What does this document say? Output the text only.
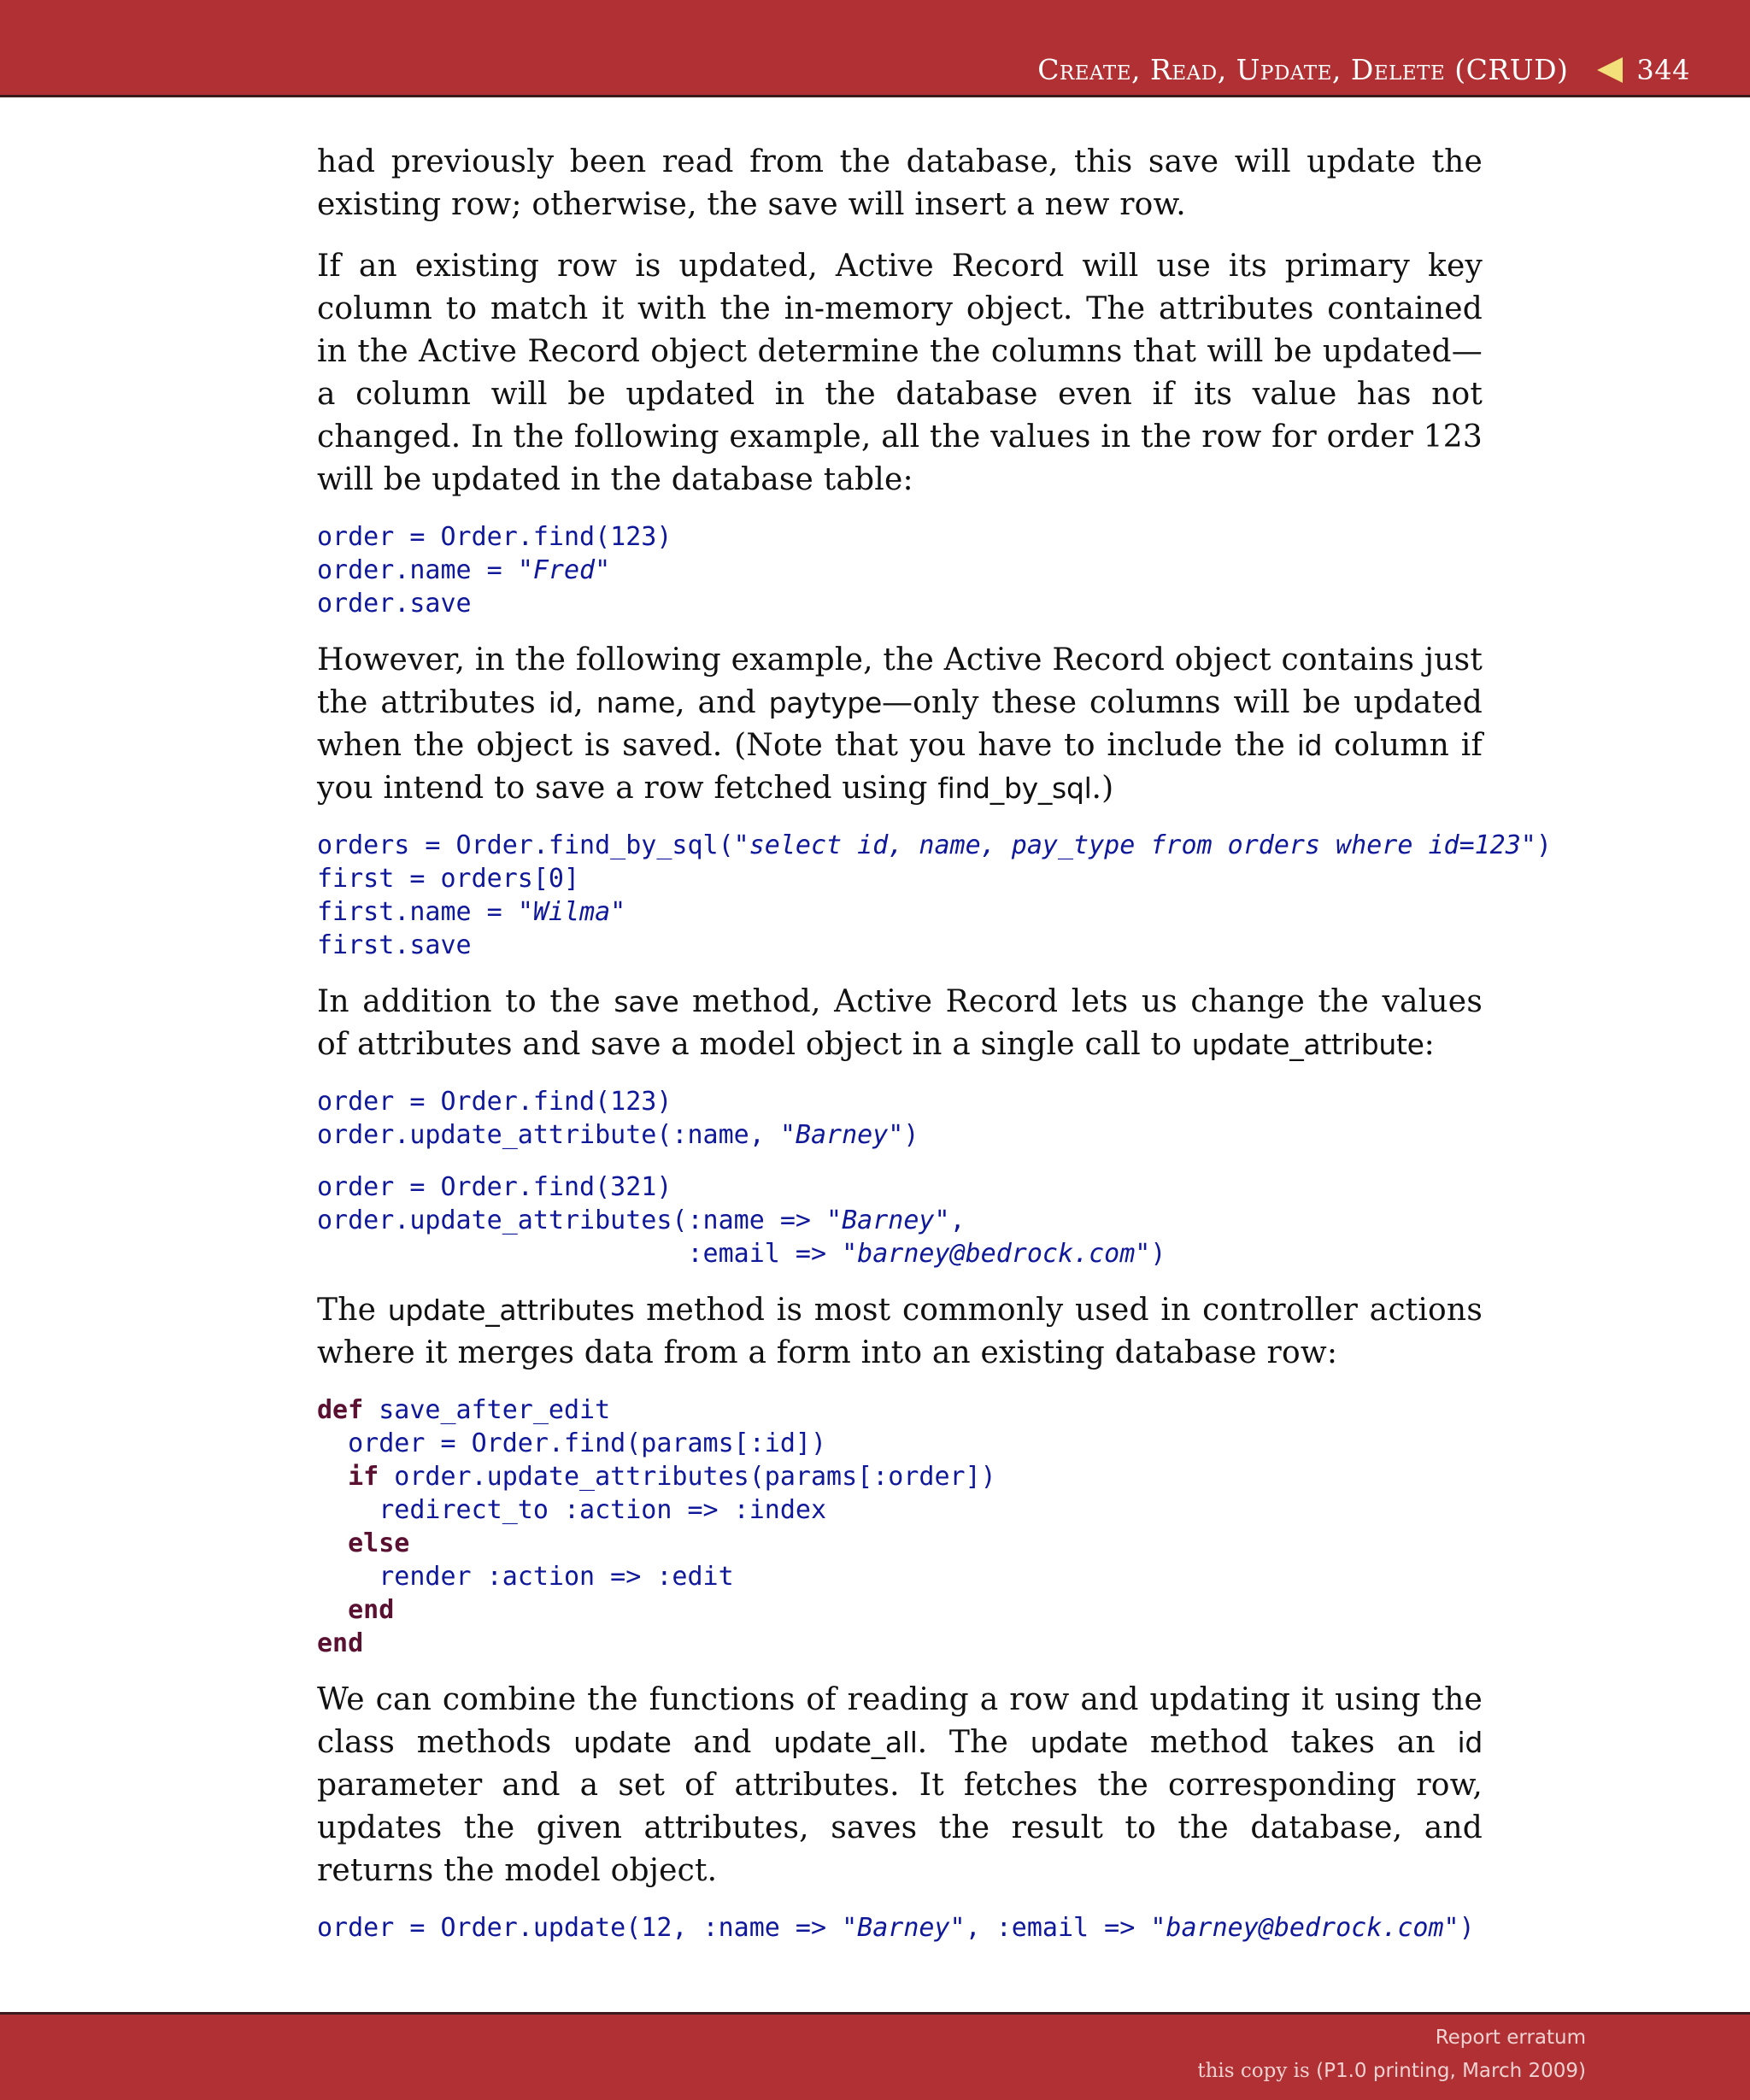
Create, Read, Update, Delete (CRUD)	344

had previously been read from the database, this save will update the existing row; otherwise, the save will insert a new row.

If an existing row is updated, Active Record will use its primary key column to match it with the in-memory object. The attributes contained in the Active Record object determine the columns that will be updated—a column will be updated in the database even if its value has not changed. In the following example, all the values in the row for order 123 will be updated in the database table:

order = Order.find(123)
order.name = "Fred"
order.save

However, in the following example, the Active Record object contains just the attributes id, name, and paytype—only these columns will be updated when the object is saved. (Note that you have to include the id column if you intend to save a row fetched using find_by_sql.)

orders = Order.find_by_sql("select id, name, pay_type from orders where id=123")
first = orders[0]
first.name = "Wilma"
first.save

In addition to the save method, Active Record lets us change the values of attributes and save a model object in a single call to update_attribute:

order = Order.find(123)
order.update_attribute(:name, "Barney")
order = Order.find(321)
order.update_attributes(:name => "Barney",
:email => "barney@bedrock.com")

The update_attributes method is most commonly used in controller actions where it merges data from a form into an existing database row:

def save_after_edit
order = Order.find(params[:id])
if order.update_attributes(params[:order])
redirect_to :action => :index
else
render :action => :edit
end
end

We can combine the functions of reading a row and updating it using the class methods update and update_all. The update method takes an id parameter and a set of attributes. It fetches the corresponding row, updates the given attributes, saves the result to the database, and returns the model object.

order = Order.update(12, :name => "Barney", :email => "barney@bedrock.com")
Report erratum
this copy is (P1.0 printing, March 2009)
